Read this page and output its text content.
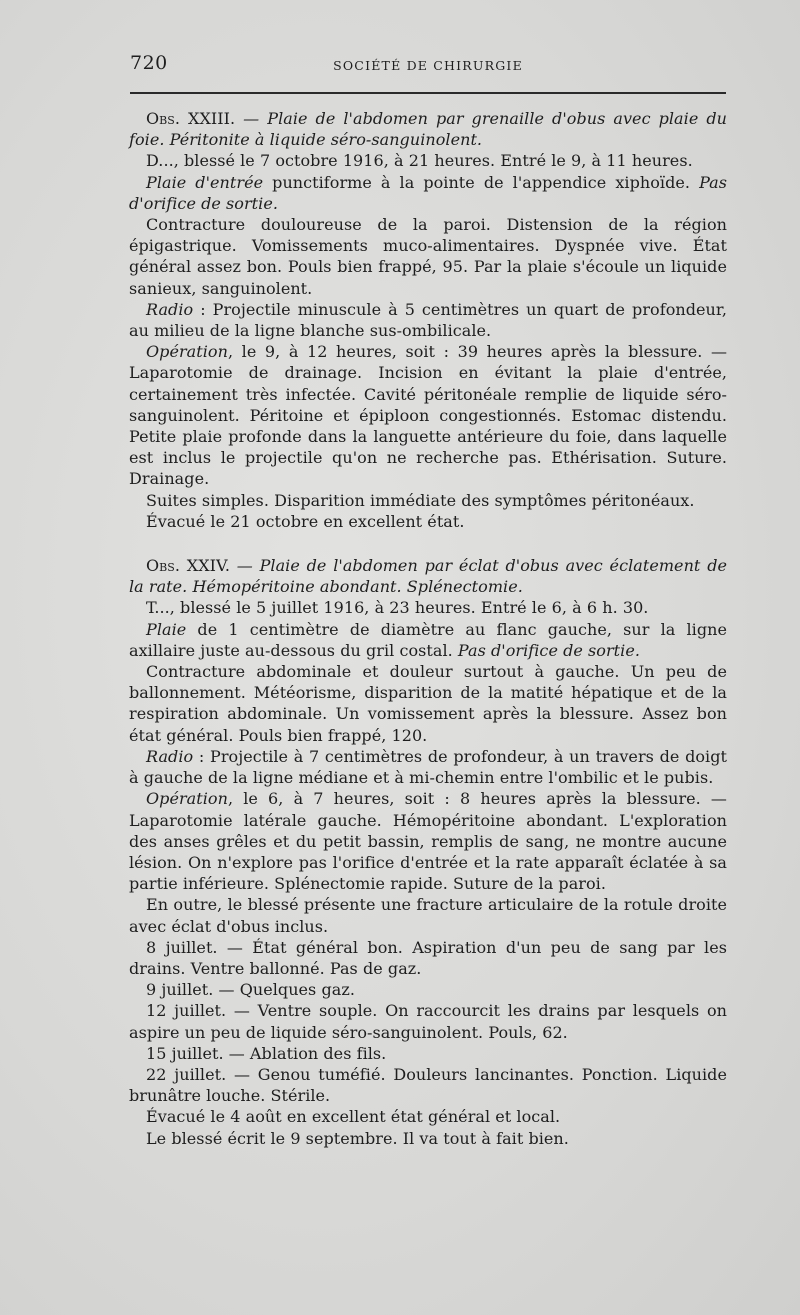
720	SOCIÉTÉ DE CHIRURGIE

Obs. XXIII. — Plaie de l'abdomen par grenaille d'obus avec plaie du foie. Péritonite à liquide séro-sanguinolent.

D..., blessé le 7 octobre 1916, à 21 heures. Entré le 9, à 11 heures.

Plaie d'entrée punctiforme à la pointe de l'appendice xiphoïde. Pas d'orifice de sortie.

Contracture douloureuse de la paroi. Distension de la région épigastrique. Vomissements muco-alimentaires. Dyspnée vive. État général assez bon. Pouls bien frappé, 95. Par la plaie s'écoule un liquide sanieux, sanguinolent.

Radio : Projectile minuscule à 5 centimètres un quart de profondeur, au milieu de la ligne blanche sus-ombilicale.

Opération, le 9, à 12 heures, soit : 39 heures après la blessure. — Laparotomie de drainage. Incision en évitant la plaie d'entrée, certainement très infectée. Cavité péritonéale remplie de liquide séro-sanguinolent. Péritoine et épiploon congestionnés. Estomac distendu. Petite plaie profonde dans la languette antérieure du foie, dans laquelle est inclus le projectile qu'on ne recherche pas. Ethérisation. Suture. Drainage.

Suites simples. Disparition immédiate des symptômes péritonéaux.

Évacué le 21 octobre en excellent état.

Obs. XXIV. — Plaie de l'abdomen par éclat d'obus avec éclatement de la rate. Hémopéritoine abondant. Splénectomie.

T..., blessé le 5 juillet 1916, à 23 heures. Entré le 6, à 6 h. 30.

Plaie de 1 centimètre de diamètre au flanc gauche, sur la ligne axillaire juste au-dessous du gril costal. Pas d'orifice de sortie.

Contracture abdominale et douleur surtout à gauche. Un peu de ballonnement. Météorisme, disparition de la matité hépatique et de la respiration abdominale. Un vomissement après la blessure. Assez bon état général. Pouls bien frappé, 120.

Radio : Projectile à 7 centimètres de profondeur, à un travers de doigt à gauche de la ligne médiane et à mi-chemin entre l'ombilic et le pubis.

Opération, le 6, à 7 heures, soit : 8 heures après la blessure. — Laparotomie latérale gauche. Hémopéritoine abondant. L'exploration des anses grêles et du petit bassin, remplis de sang, ne montre aucune lésion. On n'explore pas l'orifice d'entrée et la rate apparaît éclatée à sa partie inférieure. Splénectomie rapide. Suture de la paroi.

En outre, le blessé présente une fracture articulaire de la rotule droite avec éclat d'obus inclus.

8 juillet. — État général bon. Aspiration d'un peu de sang par les drains. Ventre ballonné. Pas de gaz.

9 juillet. — Quelques gaz.

12 juillet. — Ventre souple. On raccourcit les drains par lesquels on aspire un peu de liquide séro-sanguinolent. Pouls, 62.

15 juillet. — Ablation des fils.

22 juillet. — Genou tuméfié. Douleurs lancinantes. Ponction. Liquide brunâtre louche. Stérile.

Évacué le 4 août en excellent état général et local.

Le blessé écrit le 9 septembre. Il va tout à fait bien.
